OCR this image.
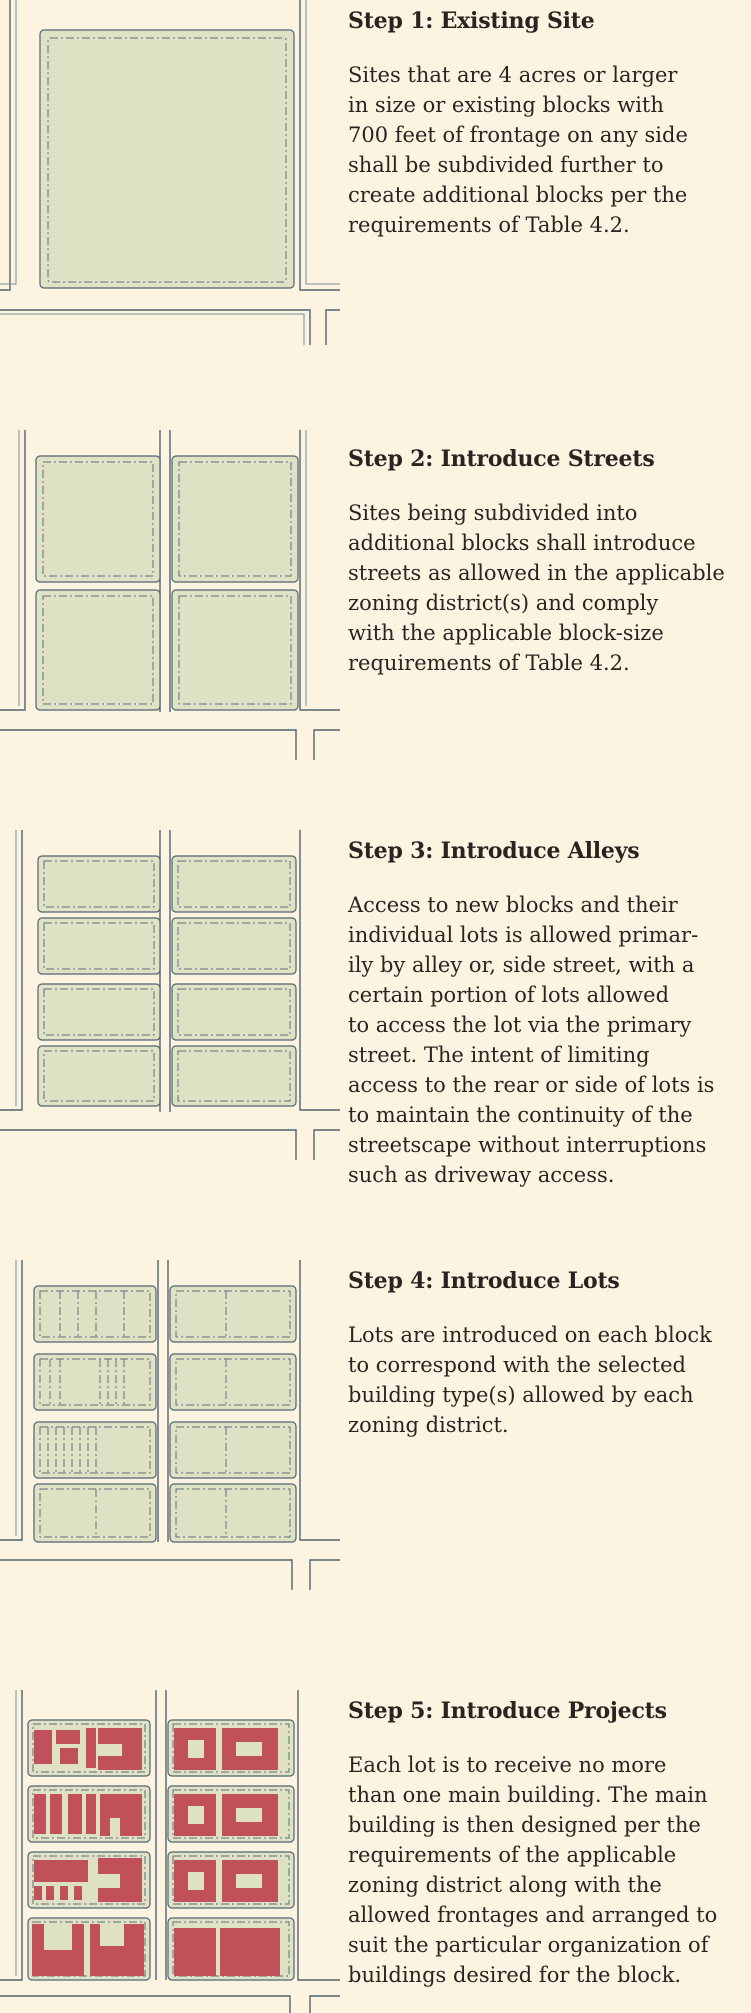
Step 1: Existing Site

Sites that are 4 acres or larger
in size or existing blocks with
700 feet of frontage on any side
shall be subdivided further to
create additional blocks per the
requirements of Table 4.2.

Step 2: Introduce Streets

Sites being subdivided into
additional blocks shall introduce
streets as allowed in the applicable
zoning district(s) and comply
with the applicable block-size
requirements of Table 4.2.

Step 3: Introduce Alleys

Access to new blocks and their
individual lots is allowed primar-
ily by alley or, side street, with a
certain portion of lots allowed
to access the lot via the primary
street. The intent of limiting
access to the rear or side of lots is
to maintain the continuity of the
streetscape without interruptions
such as driveway access.

Step 4: Introduce Lots

Lots are introduced on each block
to correspond with the selected
building type(s) allowed by each
zoning district.

Step 5: Introduce Projects

Each lot is to receive no more
than one main building. The main
building is then designed per the
requirements of the applicable
zoning district along with the
allowed frontages and arranged to
suit the particular organization of
buildings desired for the block.
